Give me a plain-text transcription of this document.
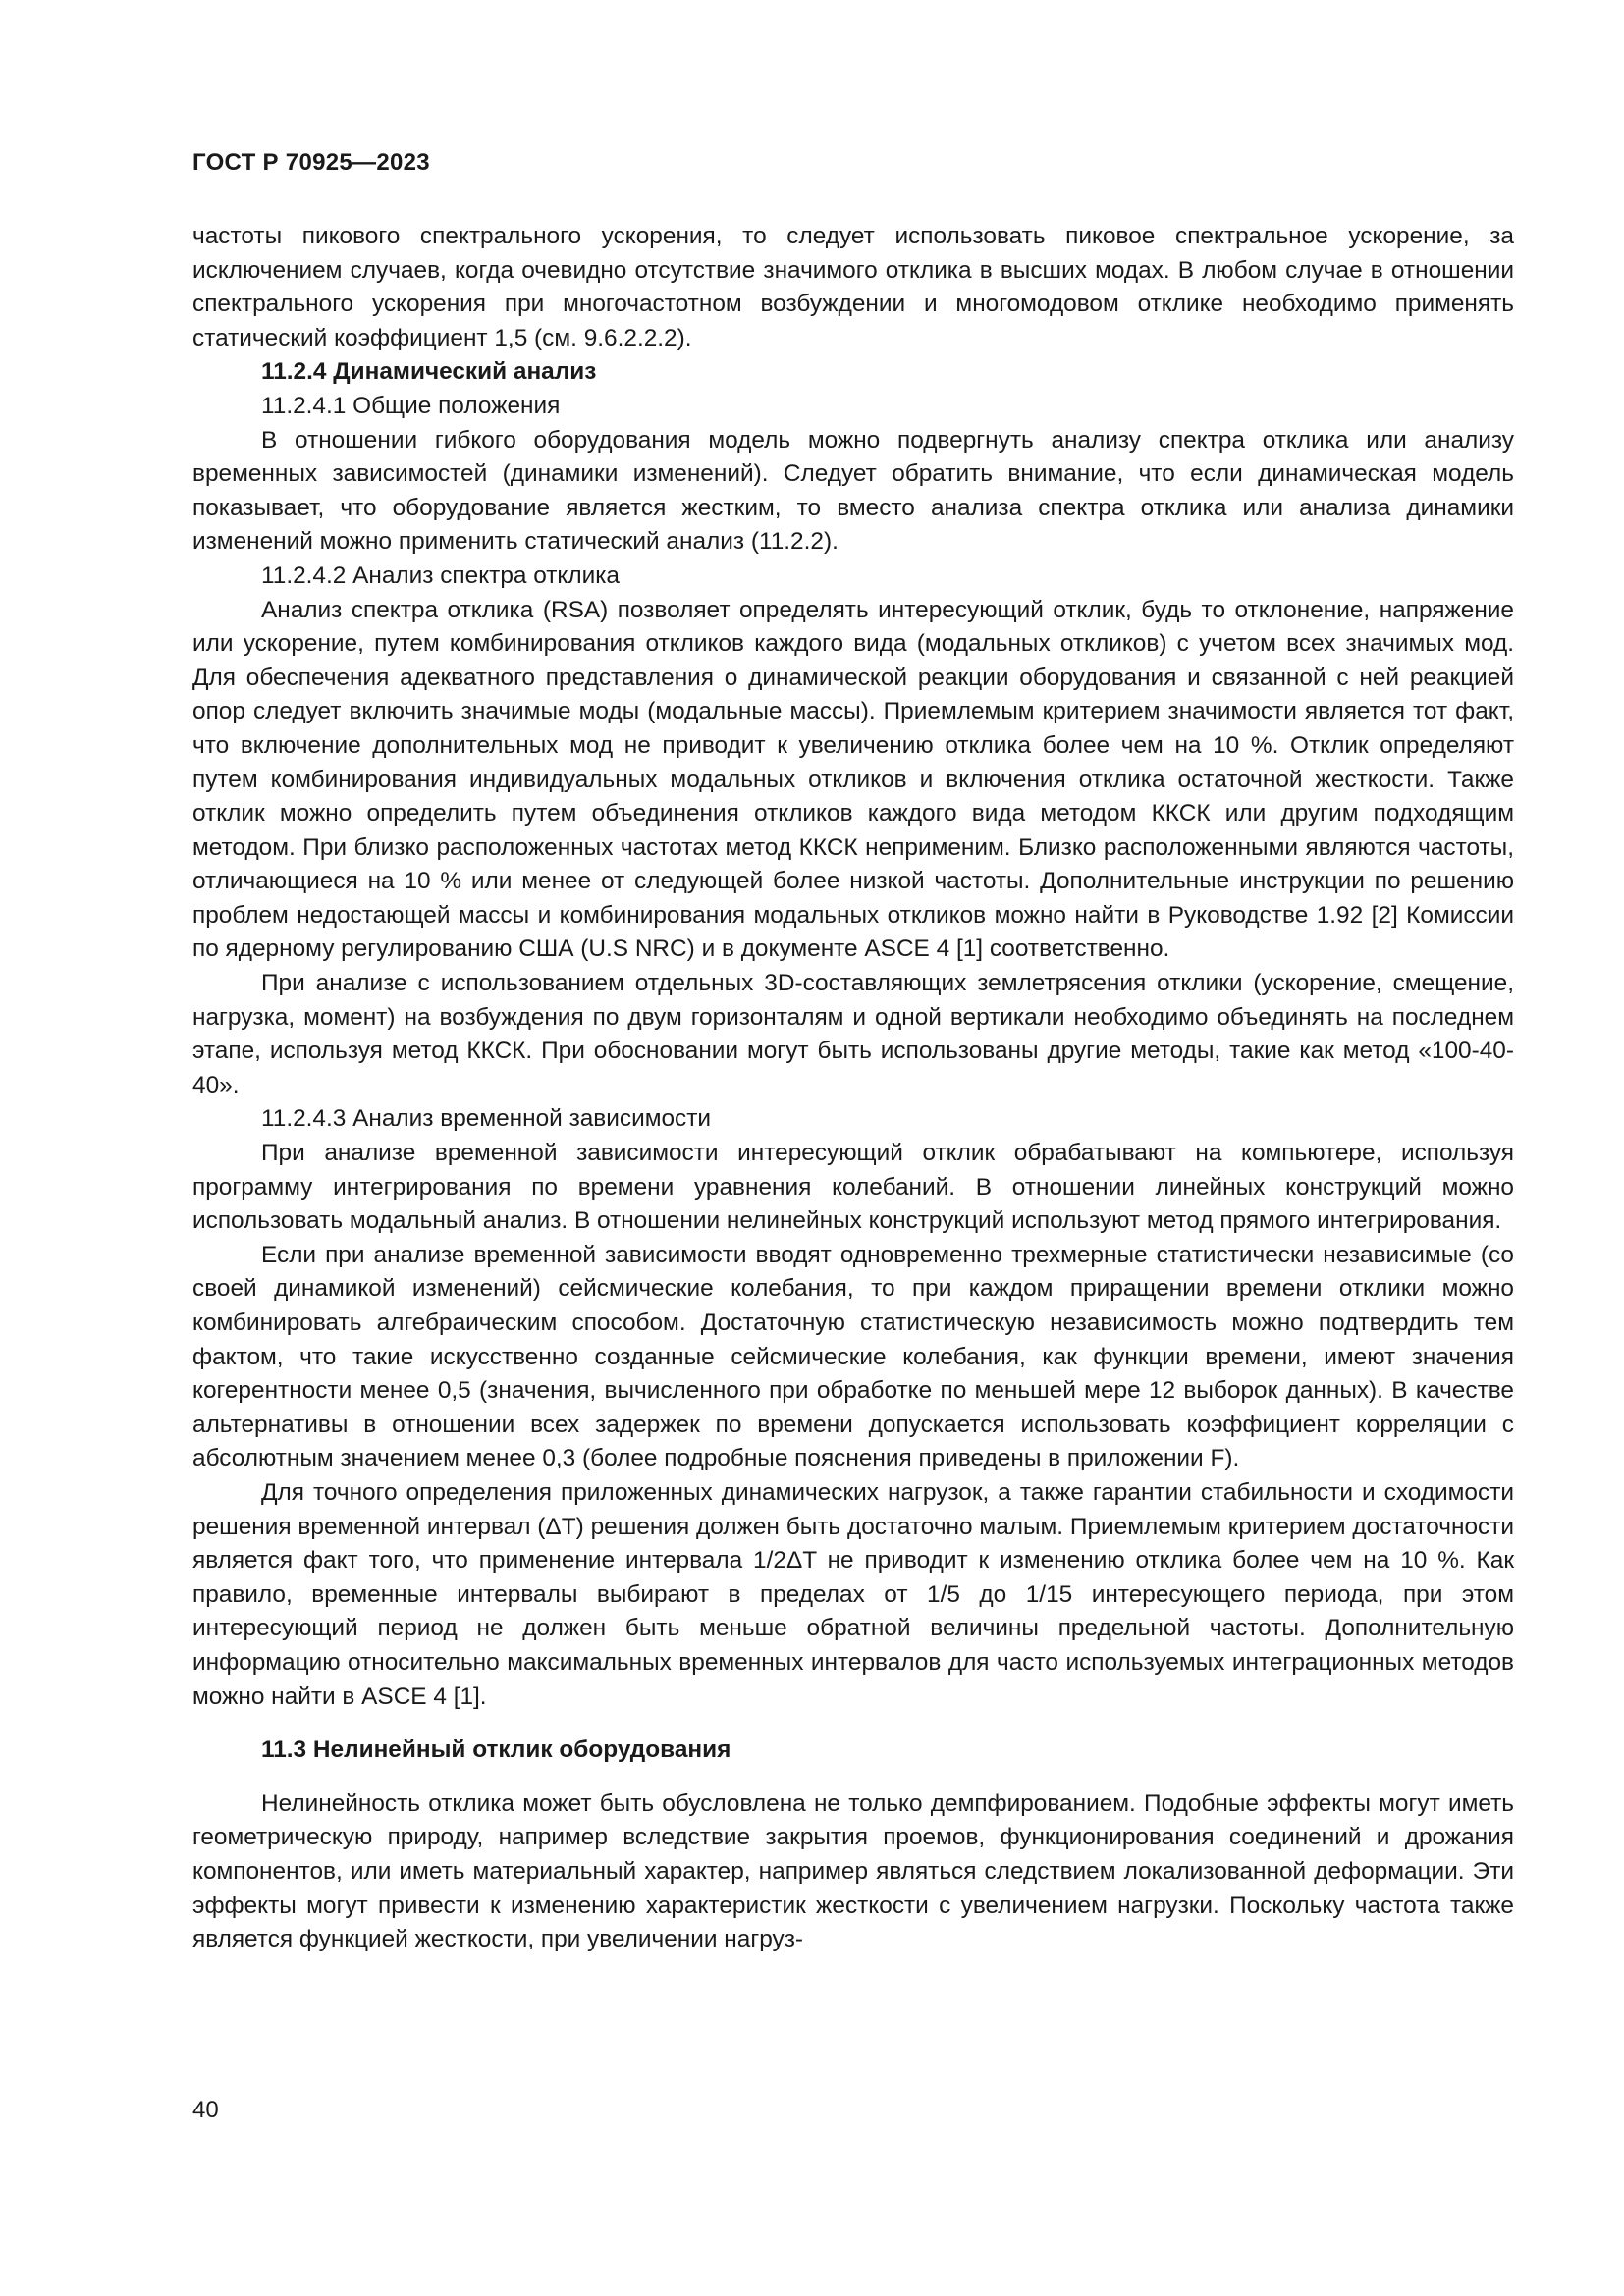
ГОСТ Р 70925—2023

частоты пикового спектрального ускорения, то следует использовать пиковое спектральное ускорение, за исключением случаев, когда очевидно отсутствие значимого отклика в высших модах. В любом случае в отношении спектрального ускорения при многочастотном возбуждении и многомодовом отклике необходимо применять статический коэффициент 1,5 (см. 9.6.2.2.2).

11.2.4 Динамический анализ

11.2.4.1 Общие положения

В отношении гибкого оборудования модель можно подвергнуть анализу спектра отклика или анализу временных зависимостей (динамики изменений). Следует обратить внимание, что если динамическая модель показывает, что оборудование является жестким, то вместо анализа спектра отклика или анализа динамики изменений можно применить статический анализ (11.2.2).

11.2.4.2 Анализ спектра отклика

Анализ спектра отклика (RSA) позволяет определять интересующий отклик, будь то отклонение, напряжение или ускорение, путем комбинирования откликов каждого вида (модальных откликов) с учетом всех значимых мод. Для обеспечения адекватного представления о динамической реакции оборудования и связанной с ней реакцией опор следует включить значимые моды (модальные массы). Приемлемым критерием значимости является тот факт, что включение дополнительных мод не приводит к увеличению отклика более чем на 10 %. Отклик определяют путем комбинирования индивидуальных модальных откликов и включения отклика остаточной жесткости. Также отклик можно определить путем объединения откликов каждого вида методом ККСК или другим подходящим методом. При близко расположенных частотах метод ККСК неприменим. Близко расположенными являются частоты, отличающиеся на 10 % или менее от следующей более низкой частоты. Дополнительные инструкции по решению проблем недостающей массы и комбинирования модальных откликов можно найти в Руководстве 1.92 [2] Комиссии по ядерному регулированию США (U.S NRC) и в документе ASCE 4 [1] соответственно.

При анализе с использованием отдельных 3D-составляющих землетрясения отклики (ускорение, смещение, нагрузка, момент) на возбуждения по двум горизонталям и одной вертикали необходимо объединять на последнем этапе, используя метод ККСК. При обосновании могут быть использованы другие методы, такие как метод «100-40-40».

11.2.4.3 Анализ временной зависимости

При анализе временной зависимости интересующий отклик обрабатывают на компьютере, используя программу интегрирования по времени уравнения колебаний. В отношении линейных конструкций можно использовать модальный анализ. В отношении нелинейных конструкций используют метод прямого интегрирования.

Если при анализе временной зависимости вводят одновременно трехмерные статистически независимые (со своей динамикой изменений) сейсмические колебания, то при каждом приращении времени отклики можно комбинировать алгебраическим способом. Достаточную статистическую независимость можно подтвердить тем фактом, что такие искусственно созданные сейсмические колебания, как функции времени, имеют значения когерентности менее 0,5 (значения, вычисленного при обработке по меньшей мере 12 выборок данных). В качестве альтернативы в отношении всех задержек по времени допускается использовать коэффициент корреляции с абсолютным значением менее 0,3 (более подробные пояснения приведены в приложении F).

Для точного определения приложенных динамических нагрузок, а также гарантии стабильности и сходимости решения временной интервал (ΔT) решения должен быть достаточно малым. Приемлемым критерием достаточности является факт того, что применение интервала 1/2ΔT не приводит к изменению отклика более чем на 10 %. Как правило, временные интервалы выбирают в пределах от 1/5 до 1/15 интересующего периода, при этом интересующий период не должен быть меньше обратной величины предельной частоты. Дополнительную информацию относительно максимальных временных интервалов для часто используемых интеграционных методов можно найти в ASCE 4 [1].

11.3 Нелинейный отклик оборудования

Нелинейность отклика может быть обусловлена не только демпфированием. Подобные эффекты могут иметь геометрическую природу, например вследствие закрытия проемов, функционирования соединений и дрожания компонентов, или иметь материальный характер, например являться следствием локализованной деформации. Эти эффекты могут привести к изменению характеристик жесткости с увеличением нагрузки. Поскольку частота также является функцией жесткости, при увеличении нагруз-

40
